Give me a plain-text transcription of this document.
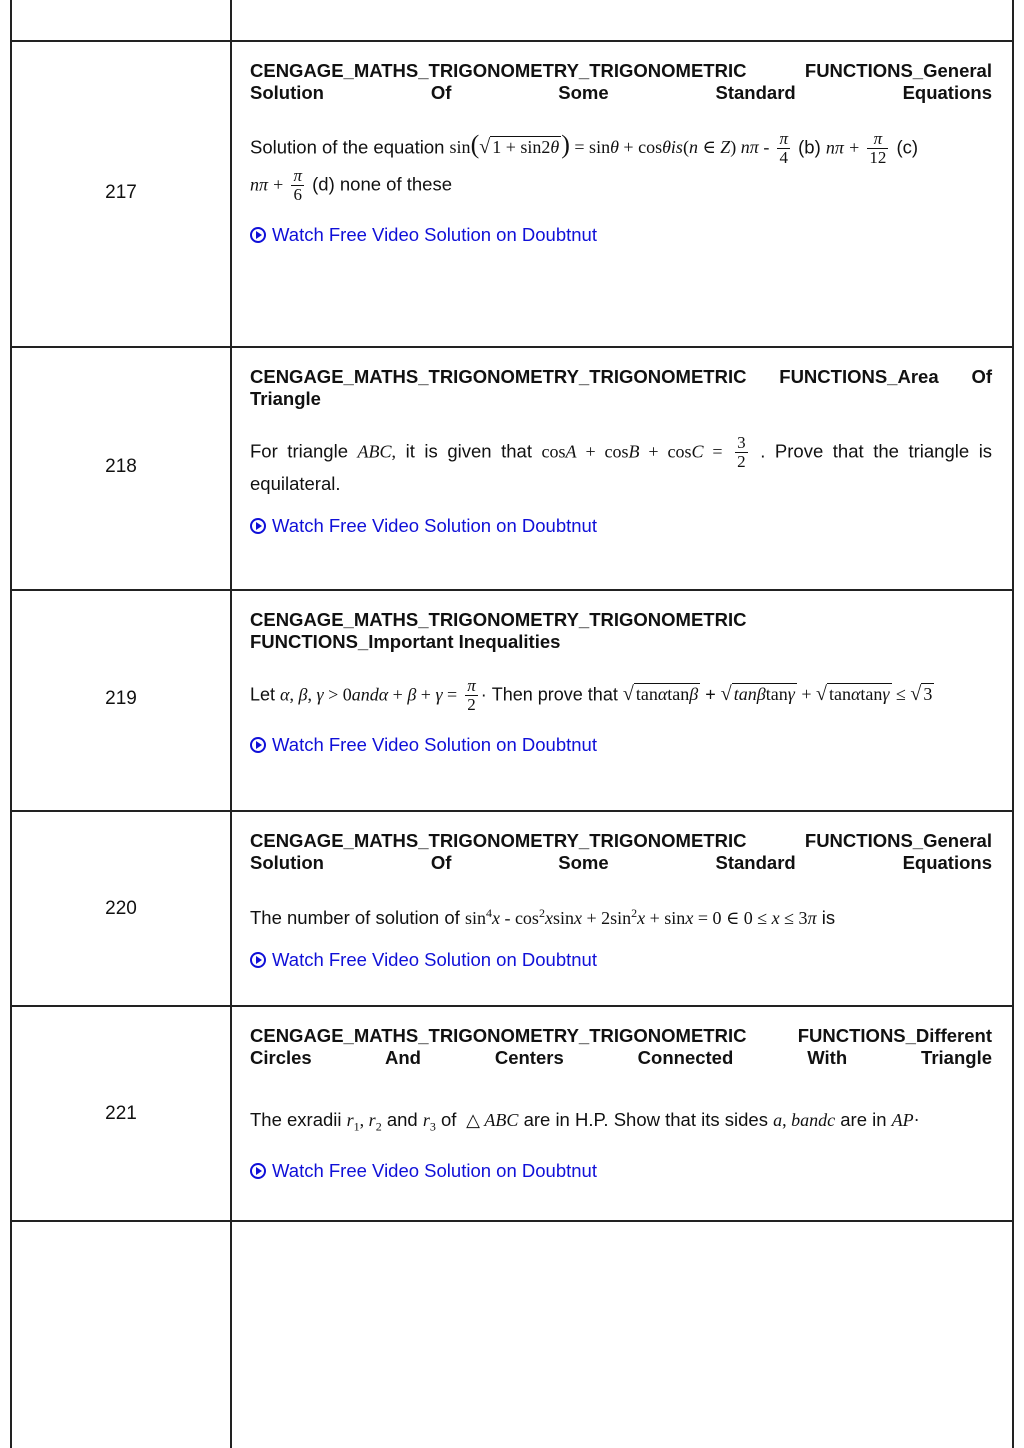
217
CENGAGE_MATHS_TRIGONOMETRY_TRIGONOMETRIC FUNCTIONS_General Solution Of Some Standard Equations
Solution of the equation sin(√ 1 + sin2θ) = sinθ + cosθis(n ∈ Z) $n\pi - \frac{\pi}{4} (b) n\pi + \frac{\pi}{12} (c)$
$n\pi + \frac{\pi}{6} (d)$ none of these
Watch Free Video Solution on Doubtnut
218
CENGAGE_MATHS_TRIGONOMETRY_TRIGONOMETRIC FUNCTIONS_Area Of Triangle
For triangle ABC, it is given that $\cos A + \cos B + \cos C = \frac{3}{2}$ . Prove that the triangle is equilateral.
Watch Free Video Solution on Doubtnut
219
CENGAGE_MATHS_TRIGONOMETRY_TRIGONOMETRIC FUNCTIONS_Important Inequalities
Let α, β, $\gamma > 0and\alpha + \beta + \gamma = \frac{\pi}{2}$ · Then prove that √ tanαtanβ + √ tanβtanγ + √ tanαtanγ ≤ √ 3
Watch Free Video Solution on Doubtnut
220
CENGAGE_MATHS_TRIGONOMETRY_TRIGONOMETRIC FUNCTIONS_General Solution Of Some Standard Equations
The number of solution of $\sin^4x - \cos^2xsinx + 2\sin^2x + \sin x = 0$ ∈ 0 ≤ x ≤ 3π is
Watch Free Video Solution on Doubtnut
221
CENGAGE_MATHS_TRIGONOMETRY_TRIGONOMETRIC FUNCTIONS_Different Circles And Centers Connected With Triangle
The exradii $r_1$, $r_2$ and $r_3$ of  △ ABC are in H.P. Show that its sides a, bandc are in AP·
Watch Free Video Solution on Doubtnut
